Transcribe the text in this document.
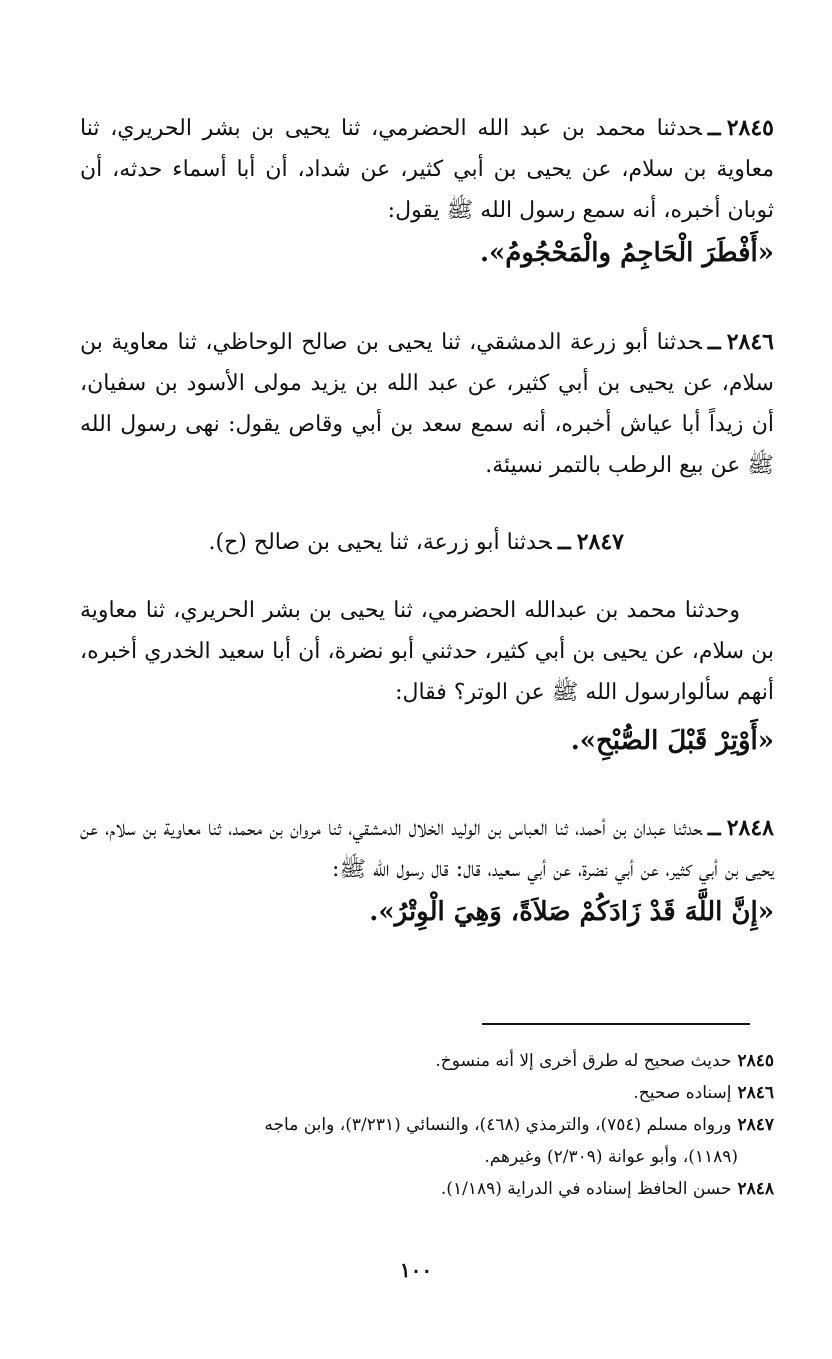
٢٨٤٥ــحدثنا محمد بن عبد الله الحضرمي، ثنا يحيى بن بشر الحريري، ثنا معاوية بن سلام، عن يحيى بن أبي كثير، عن شداد، أن أبا أسماء حدثه، أن ثوبان أخبره، أنه سمع رسول الله ﷺ يقول:
«أَفْطَرَ الْحَاجِمُ والْمَحْجُومُ».
٢٨٤٦ــحدثنا أبو زرعة الدمشقي، ثنا يحيى بن صالح الوحاظي، ثنا معاوية بن سلام، عن يحيى بن أبي كثير، عن عبد الله بن يزيد مولى الأسود بن سفيان، أن زيداً أبا عياش أخبره، أنه سمع سعد بن أبي وقاص يقول: نهى رسول الله ﷺ عن بيع الرطب بالتمر نسيئة.
٢٨٤٧ــحدثنا أبو زرعة، ثنا يحيى بن صالح (ح).
وحدثنا محمد بن عبدالله الحضرمي، ثنا يحيى بن بشر الحريري، ثنا معاوية بن سلام، عن يحيى بن أبي كثير، حدثني أبو نضرة، أن أبا سعيد الخدري أخبره، أنهم سألوارسول الله ﷺ عن الوتر؟ فقال:
«أَوْتِرْ قَبْلَ الصُّبْحِ».
٢٨٤٨ــحدثنا عبدان بن أحمد، ثنا العباس بن الوليد الخلال الدمشقي، ثنا مروان بن محمد، ثنا معاوية بن سلام، عن يحيى بن أبي كثير، عن أبي نضرة، عن أبي سعيد، قال: قال رسول الله ﷺ:
«إِنَّ اللَّهَ قَدْ زَادَكُمْ صَلاَةً، وَهِيَ الْوِتْرُ».
٢٨٤٥حديث صحيح له طرق أخرى إلا أنه منسوخ.
٢٨٤٦إسناده صحيح.
٢٨٤٧ورواه مسلم (٧٥٤)، والترمذي (٤٦٨)، والنسائي (٣/٢٣١)، وابن ماجه
(١١٨٩)، وأبو عوانة (٢/٣٠٩) وغيرهم.
٢٨٤٨حسن الحافظ إسناده في الدراية (١/١٨٩).
١٠٠
